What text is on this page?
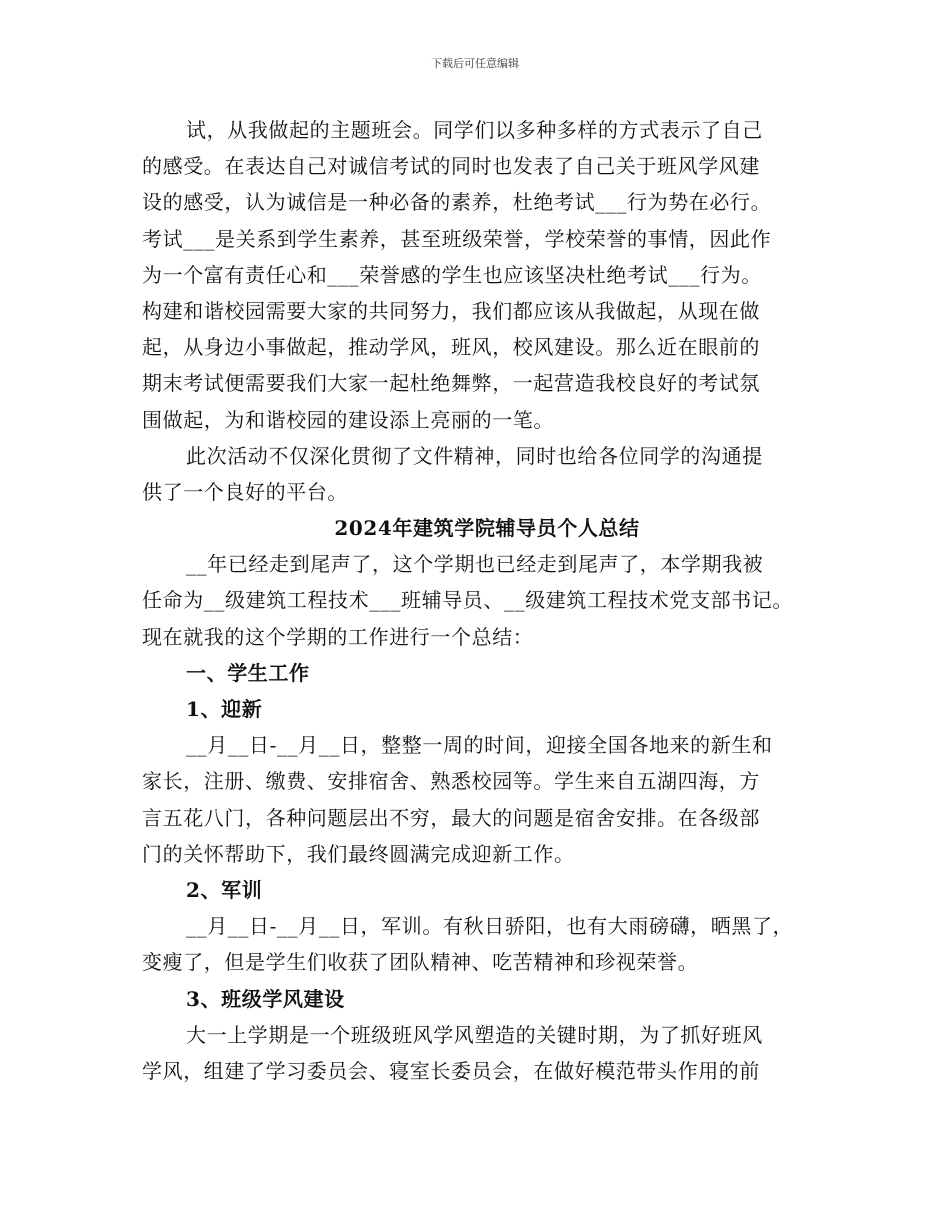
下载后可任意编辑
试，从我做起的主题班会。同学们以多种多样的方式表示了自己
的感受。在表达自己对诚信考试的同时也发表了自己关于班风学风建
设的感受，认为诚信是一种必备的素养，杜绝考试___行为势在必行。
考试___是关系到学生素养，甚至班级荣誉，学校荣誉的事情，因此作
为一个富有责任心和___荣誉感的学生也应该坚决杜绝考试___行为。
构建和谐校园需要大家的共同努力，我们都应该从我做起，从现在做
起，从身边小事做起，推动学风，班风，校风建设。那么近在眼前的
期末考试便需要我们大家一起杜绝舞弊，一起营造我校良好的考试氛
围做起，为和谐校园的建设添上亮丽的一笔。
此次活动不仅深化贯彻了文件精神，同时也给各位同学的沟通提
供了一个良好的平台。
2024年建筑学院辅导员个人总结
__年已经走到尾声了，这个学期也已经走到尾声了，本学期我被
任命为__级建筑工程技术___班辅导员、__级建筑工程技术党支部书记。
现在就我的这个学期的工作进行一个总结：
一、学生工作
1、迎新
__月__日-__月__日，整整一周的时间，迎接全国各地来的新生和
家长，注册、缴费、安排宿舍、熟悉校园等。学生来自五湖四海，方
言五花八门，各种问题层出不穷，最大的问题是宿舍安排。在各级部
门的关怀帮助下，我们最终圆满完成迎新工作。
2、军训
__月__日-__月__日，军训。有秋日骄阳，也有大雨磅礴，晒黑了，
变瘦了，但是学生们收获了团队精神、吃苦精神和珍视荣誉。
3、班级学风建设
大一上学期是一个班级班风学风塑造的关键时期，为了抓好班风
学风，组建了学习委员会、寝室长委员会，在做好模范带头作用的前
